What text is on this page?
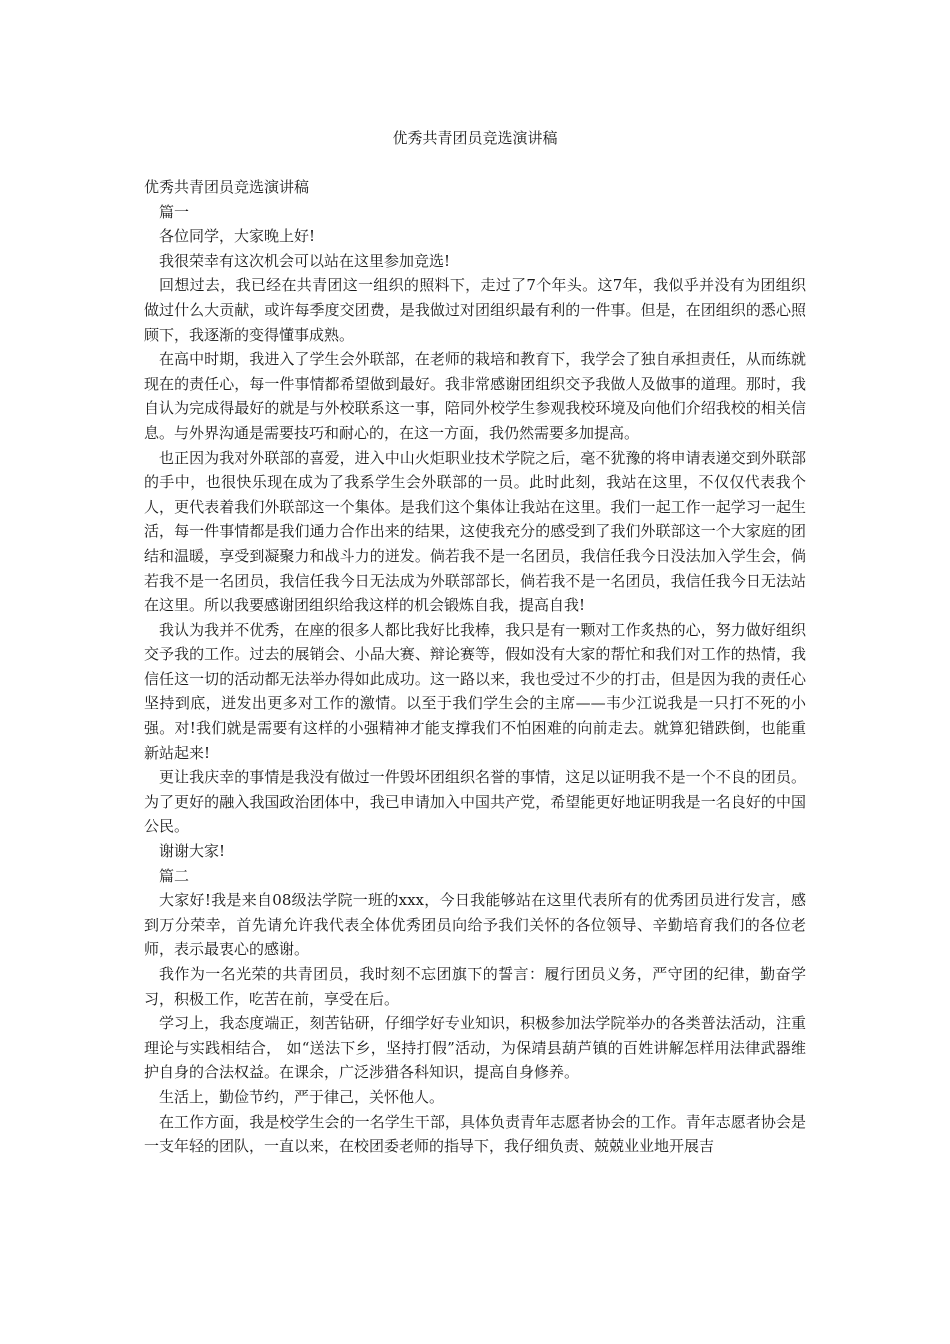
优秀共青团员竞选演讲稿

优秀共青团员竞选演讲稿

篇一

各位同学，大家晚上好!

我很荣幸有这次机会可以站在这里参加竞选!

回想过去，我已经在共青团这一组织的照料下，走过了7个年头。这7年，我似乎并没有为团组织做过什么大贡献，或许每季度交团费，是我做过对团组织最有利的一件事。但是，在团组织的悉心照顾下，我逐渐的变得懂事成熟。

在高中时期，我进入了学生会外联部，在老师的栽培和教育下，我学会了独自承担责任，从而练就现在的责任心，每一件事情都希望做到最好。我非常感谢团组织交予我做人及做事的道理。那时，我自认为完成得最好的就是与外校联系这一事，陪同外校学生参观我校环境及向他们介绍我校的相关信息。与外界沟通是需要技巧和耐心的，在这一方面，我仍然需要多加提高。

也正因为我对外联部的喜爱，进入中山火炬职业技术学院之后，毫不犹豫的将申请表递交到外联部的手中，也很快乐现在成为了我系学生会外联部的一员。此时此刻，我站在这里，不仅仅代表我个人，更代表着我们外联部这一个集体。是我们这个集体让我站在这里。我们一起工作一起学习一起生活，每一件事情都是我们通力合作出来的结果，这使我充分的感受到了我们外联部这一个大家庭的团结和温暖，享受到凝聚力和战斗力的迸发。倘若我不是一名团员，我信任我今日没法加入学生会，倘若我不是一名团员，我信任我今日无法成为外联部部长，倘若我不是一名团员，我信任我今日无法站在这里。所以我要感谢团组织给我这样的机会锻炼自我，提高自我!

我认为我并不优秀，在座的很多人都比我好比我棒，我只是有一颗对工作炙热的心，努力做好组织交予我的工作。过去的展销会、小品大赛、辩论赛等，假如没有大家的帮忙和我们对工作的热情，我信任这一切的活动都无法举办得如此成功。这一路以来，我也受过不少的打击，但是因为我的责任心坚持到底，迸发出更多对工作的激情。以至于我们学生会的主席——韦少江说我是一只打不死的小强。对!我们就是需要有这样的小强精神才能支撑我们不怕困难的向前走去。就算犯错跌倒，也能重新站起来!

更让我庆幸的事情是我没有做过一件毁坏团组织名誉的事情，这足以证明我不是一个不良的团员。为了更好的融入我国政治团体中，我已申请加入中国共产党，希望能更好地证明我是一名良好的中国公民。

谢谢大家!

篇二

大家好!我是来自08级法学院一班的xxx，今日我能够站在这里代表所有的优秀团员进行发言，感到万分荣幸，首先请允许我代表全体优秀团员向给予我们关怀的各位领导、辛勤培育我们的各位老师，表示最衷心的感谢。

我作为一名光荣的共青团员，我时刻不忘团旗下的誓言：履行团员义务，严守团的纪律，勤奋学习，积极工作，吃苦在前，享受在后。

学习上，我态度端正，刻苦钻研，仔细学好专业知识，积极参加法学院举办的各类普法活动，注重理论与实践相结合， 如“送法下乡，坚持打假”活动，为保靖县葫芦镇的百姓讲解怎样用法律武器维护自身的合法权益。在课余，广泛涉猎各科知识，提高自身修养。

生活上，勤俭节约，严于律己，关怀他人。

在工作方面，我是校学生会的一名学生干部，具体负责青年志愿者协会的工作。青年志愿者协会是一支年轻的团队，一直以来，在校团委老师的指导下，我仔细负责、兢兢业业地开展吉
